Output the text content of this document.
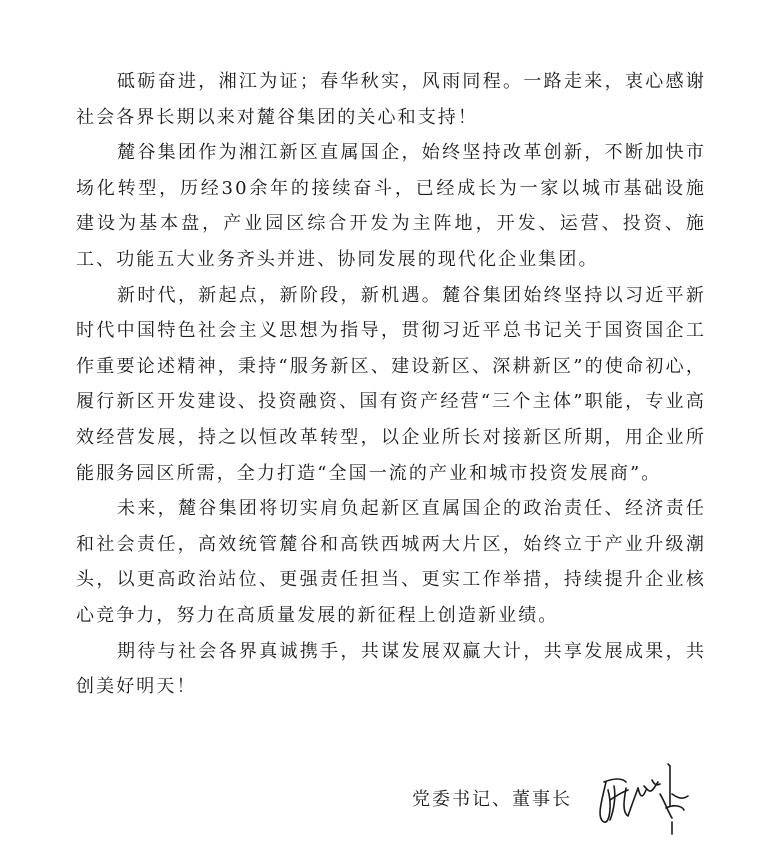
砥砺奋进，湘江为证；春华秋实，风雨同程。一路走来，衷心感谢社会各界长期以来对麓谷集团的关心和支持！

麓谷集团作为湘江新区直属国企，始终坚持改革创新，不断加快市场化转型，历经30余年的接续奋斗，已经成长为一家以城市基础设施建设为基本盘，产业园区综合开发为主阵地，开发、运营、投资、施工、功能五大业务齐头并进、协同发展的现代化企业集团。

新时代，新起点，新阶段，新机遇。麓谷集团始终坚持以习近平新时代中国特色社会主义思想为指导，贯彻习近平总书记关于国资国企工作重要论述精神，秉持“服务新区、建设新区、深耕新区”的使命初心，履行新区开发建设、投资融资、国有资产经营“三个主体”职能，专业高效经营发展，持之以恒改革转型，以企业所长对接新区所期，用企业所能服务园区所需，全力打造“全国一流的产业和城市投资发展商”。

未来，麓谷集团将切实肩负起新区直属国企的政治责任、经济责任和社会责任，高效统管麓谷和高铁西城两大片区，始终立于产业升级潮头，以更高政治站位、更强责任担当、更实工作举措，持续提升企业核心竞争力，努力在高质量发展的新征程上创造新业绩。

期待与社会各界真诚携手，共谋发展双赢大计，共享发展成果，共创美好明天！

党委书记、董事长
